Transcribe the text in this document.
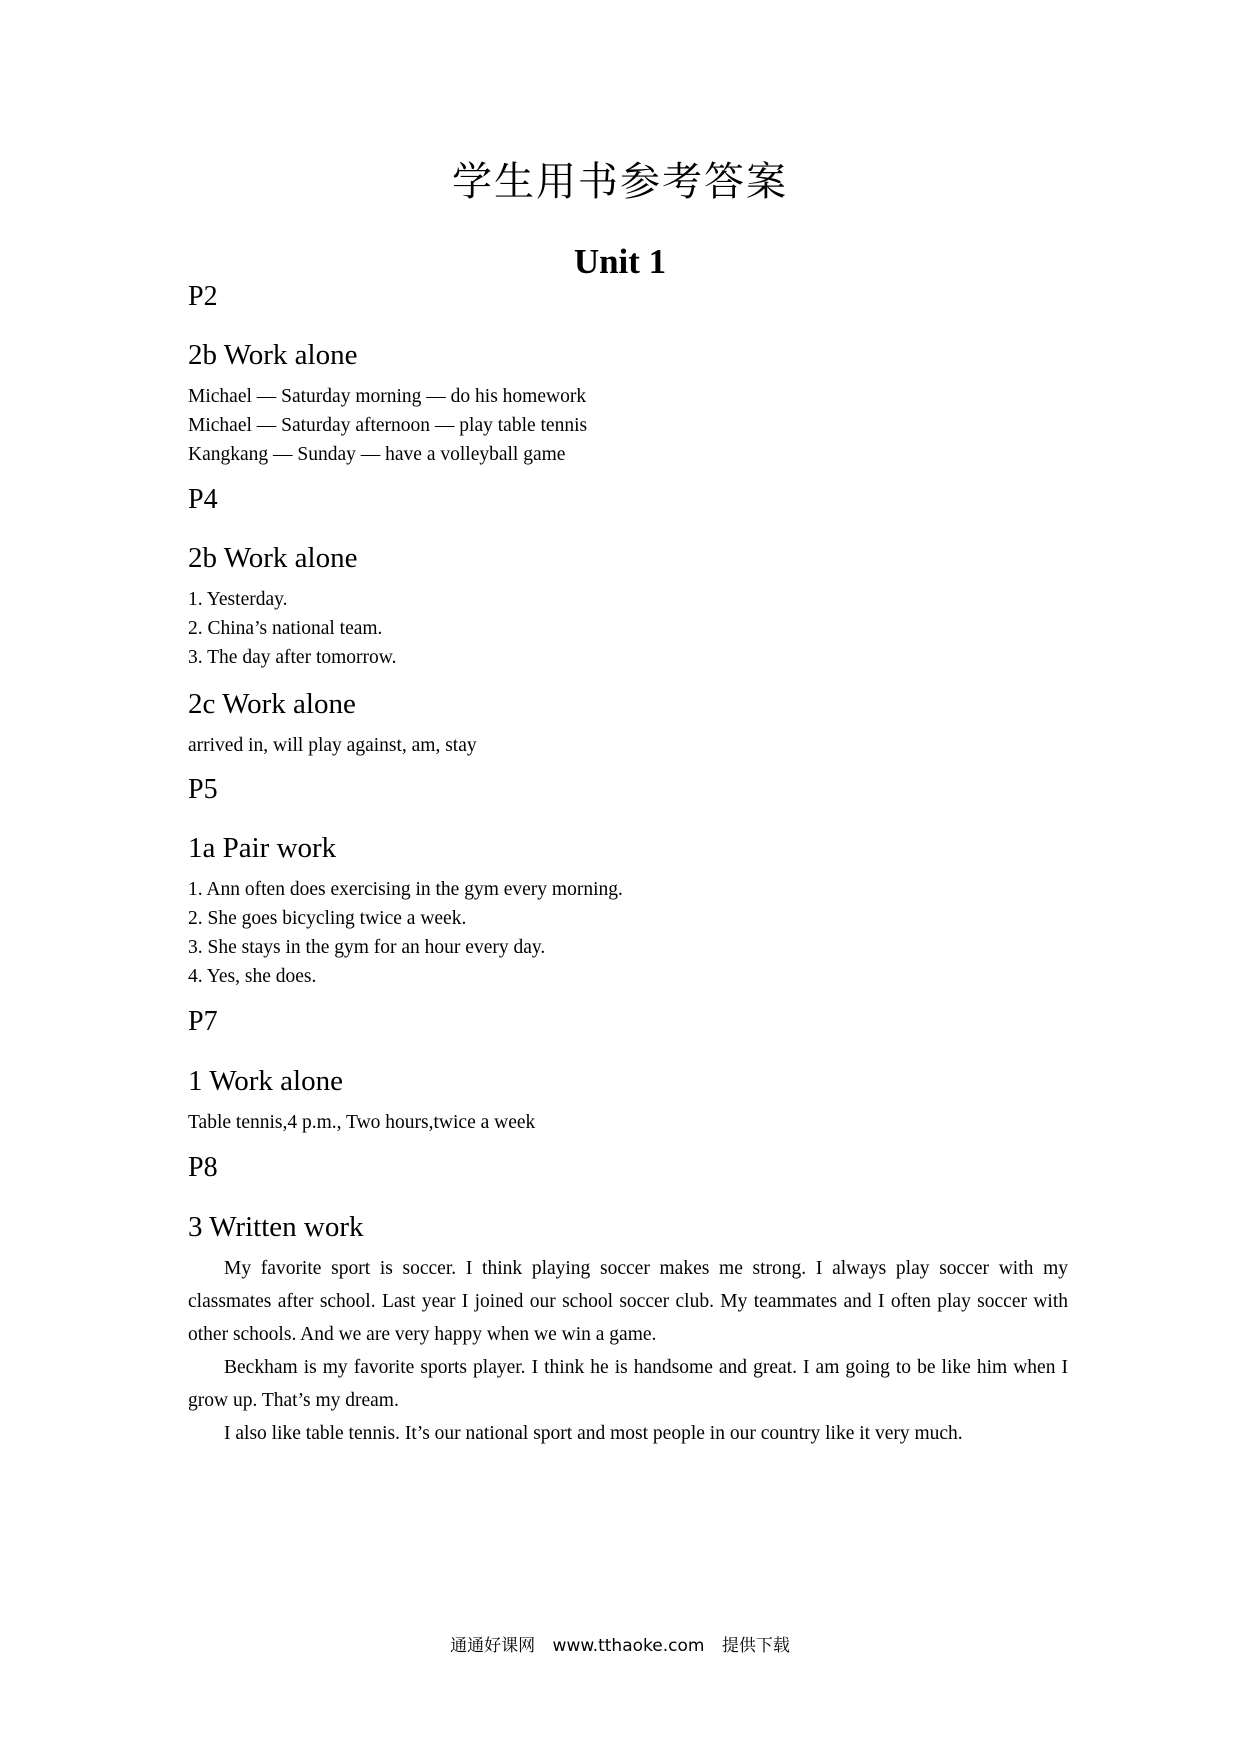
学生用书参考答案
Unit 1
P2
2b Work alone
Michael — Saturday morning — do his homework
Michael — Saturday afternoon — play table tennis
Kangkang — Sunday — have a volleyball game
P4
2b Work alone
1. Yesterday.
2. China’s national team.
3. The day after tomorrow.
2c Work alone
arrived in, will play against, am, stay
P5
1a Pair work
1. Ann often does exercising in the gym every morning.
2. She goes bicycling twice a week.
3. She stays in the gym for an hour every day.
4. Yes, she does.
P7
1 Work alone
Table tennis,4 p.m., Two hours,twice a week
P8
3 Written work

My favorite sport is soccer. I think playing soccer makes me strong. I always play soccer with my classmates after school. Last year I joined our school soccer club. My teammates and I often play soccer with other schools. And we are very happy when we win a game.

Beckham is my favorite sports player. I think he is handsome and great. I am going to be like him when I grow up. That’s my dream.

I also like table tennis. It’s our national sport and most people in our country like it very much.

通通好课网 www.tthaoke.com 提供下载
